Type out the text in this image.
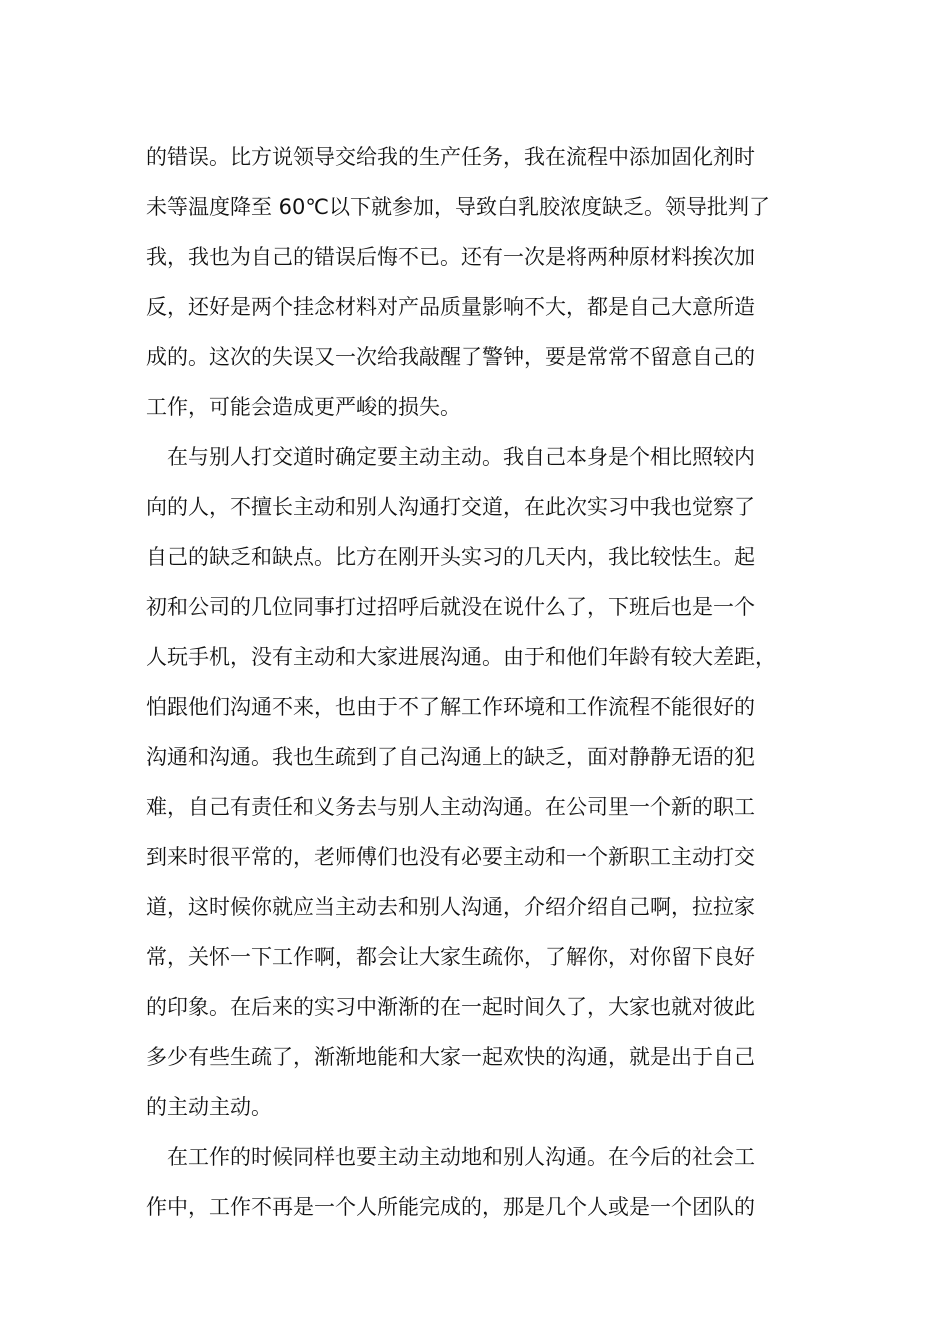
的错误。比方说领导交给我的生产任务，我在流程中添加固化剂时
未等温度降至 60℃以下就参加，导致白乳胶浓度缺乏。领导批判了
我，我也为自己的错误后悔不已。还有一次是将两种原材料挨次加
反，还好是两个挂念材料对产品质量影响不大，都是自己大意所造
成的。这次的失误又一次给我敲醒了警钟，要是常常不留意自己的
工作，可能会造成更严峻的损失。
在与别人打交道时确定要主动主动。我自己本身是个相比照较内
向的人，不擅长主动和别人沟通打交道，在此次实习中我也觉察了
自己的缺乏和缺点。比方在刚开头实习的几天内，我比较怯生。起
初和公司的几位同事打过招呼后就没在说什么了，下班后也是一个
人玩手机，没有主动和大家进展沟通。由于和他们年龄有较大差距，
怕跟他们沟通不来，也由于不了解工作环境和工作流程不能很好的
沟通和沟通。我也生疏到了自己沟通上的缺乏，面对静静无语的犯
难，自己有责任和义务去与别人主动沟通。在公司里一个新的职工
到来时很平常的，老师傅们也没有必要主动和一个新职工主动打交
道，这时候你就应当主动去和别人沟通，介绍介绍自己啊，拉拉家
常，关怀一下工作啊，都会让大家生疏你，了解你，对你留下良好
的印象。在后来的实习中渐渐的在一起时间久了，大家也就对彼此
多少有些生疏了，渐渐地能和大家一起欢快的沟通，就是出于自己
的主动主动。
在工作的时候同样也要主动主动地和别人沟通。在今后的社会工
作中，工作不再是一个人所能完成的，那是几个人或是一个团队的
